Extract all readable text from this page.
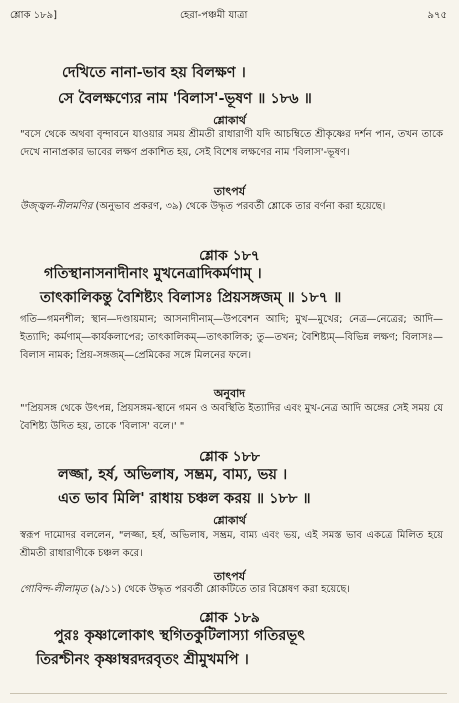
শ্লোক ১৮৯]	হেরা-পঞ্চমী যাত্রা	৯৭৫
দেখিতে নানা-ভাব হয় বিলক্ষণ ।
সে বৈলক্ষণ্যের নাম 'বিলাস'-ভূষণ ॥ ১৮৬ ॥
শ্লোকার্থ
"বসে থেকে অথবা বৃন্দাবনে যাওয়ার সময় শ্রীমতী রাধারাণী যদি আচম্বিতে শ্রীকৃষ্ণের দর্শন পান, তখন তাকে দেখে নানাপ্রকার ভাবের লক্ষণ প্রকাশিত হয়, সেই বিশেষ লক্ষণের নাম 'বিলাস'-ভূষণ।
তাৎপর্য
উজ্জ্বল-নীলমণির (অনুভাব প্রকরণ, ৩৯) থেকে উদ্ধৃত পরবর্তী শ্লোকে তার বর্ণনা করা হয়েছে।
শ্লোক ১৮৭
গতিস্থানাসনাদীনাং মুখনেত্রাদিকর্মণাম্ ।
তাৎকালিকন্তু বৈশিষ্ট্যং বিলাসঃ প্রিয়সঙ্গজম্ ॥ ১৮৭ ॥
গতি—গমনশীল; স্থান—দণ্ডায়মান; আসনাদীনাম্—উপবেশন আদি; মুখ—মুখের; নেত্র—নেত্রের; আদি—ইত্যাদি; কর্মণাম্—কার্যকলাপের; তাৎকালিকম্—তাৎকালিক; তু—তখন; বৈশিষ্ট্যম্—বিভিন্ন লক্ষণ; বিলাসঃ—বিলাস নামক; প্রিয়-সঙ্গজম্—প্রেমিকের সঙ্গে মিলনের ফলে।
অনুবাদ
"'প্রিয়সঙ্গ থেকে উৎপন্ন, প্রিয়সঙ্গম-স্থানে গমন ও অবস্থিতি ইত্যাদির এবং মুখ-নেত্র আদি অঙ্গের সেই সময় যে বৈশিষ্ট্য উদিত হয়, তাকে 'বিলাস' বলে।' "
শ্লোক ১৮৮
লজ্জা, হর্ষ, অভিলাষ, সম্ভ্রম, বাম্য, ভয় ।
এত ভাব মিলি' রাধায় চঞ্চল করয় ॥ ১৮৮ ॥
শ্লোকার্থ
স্বরূপ দামোদর বললেন, "লজ্জা, হর্ষ, অভিলাষ, সম্ভ্রম, বাম্য এবং ভয়, এই সমস্ত ভাব একত্রে মিলিত হয়ে শ্রীমতী রাধারাণীকে চঞ্চল করে।
তাৎপর্য
গোবিন্দ-লীলামৃত (৯/১১) থেকে উদ্ধৃত পরবর্তী শ্লোকটিতে তার বিশ্লেষণ করা হয়েছে।
শ্লোক ১৮৯
পুরঃ কৃষ্ণালোকাৎ স্থগিতকুটিলাস্যা গতিরভূৎ
তিরশ্চীনং কৃষ্ণাম্বরদরবৃতং শ্রীমুখমপি ।
